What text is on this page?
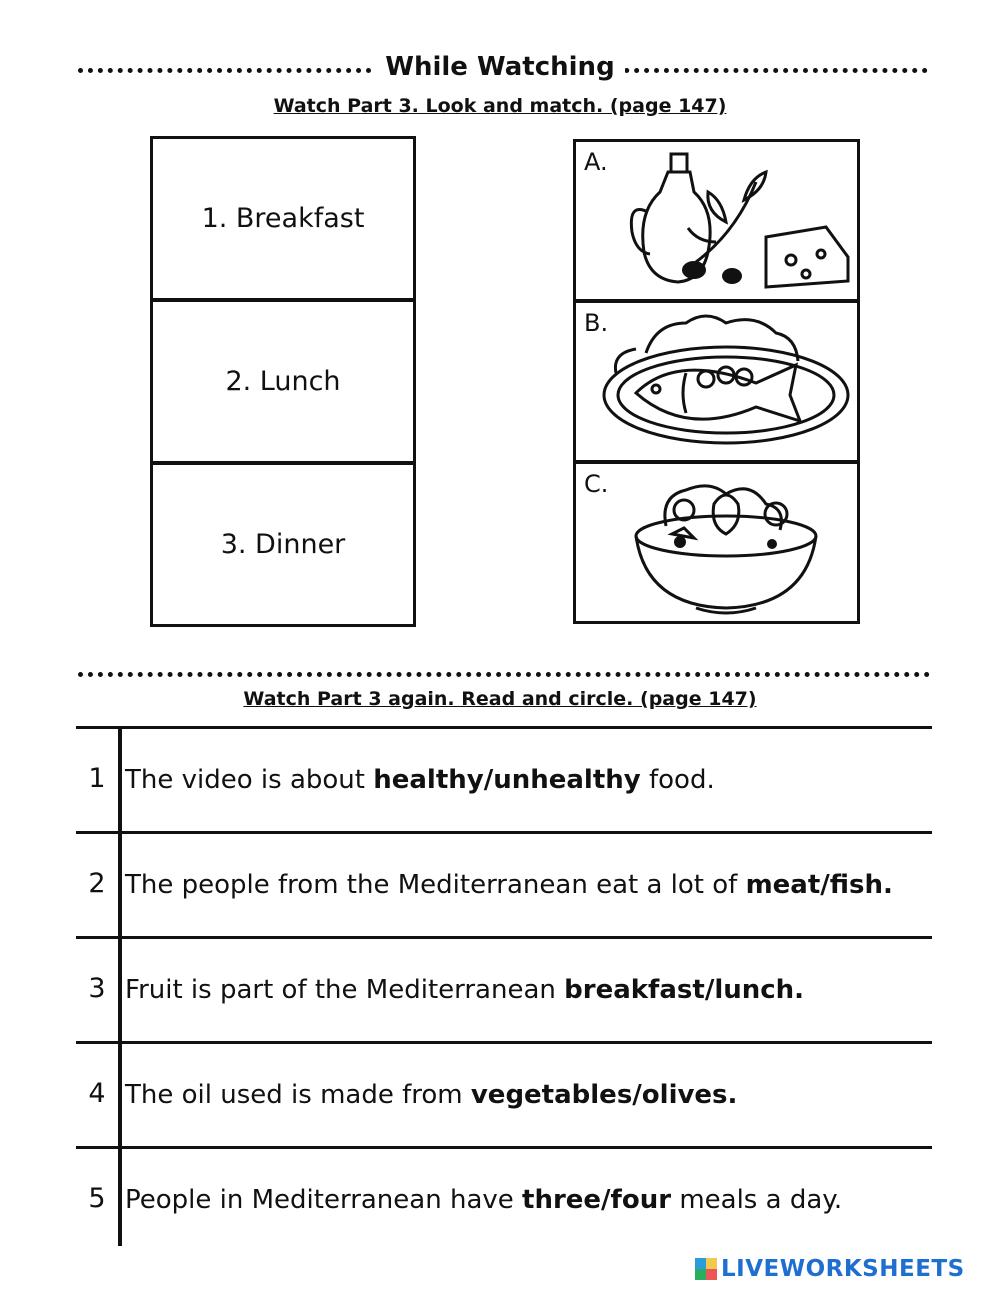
While Watching
Watch Part 3. Look and match. (page 147)
1. Breakfast
2. Lunch
3. Dinner
A.
B.
C.
Watch Part 3 again. Read and circle. (page 147)
1 The video is about healthy/unhealthy food.
2 The people from the Mediterranean eat a lot of meat/fish.
3 Fruit is part of the Mediterranean breakfast/lunch.
4 The oil used is made from vegetables/olives.
5 People in Mediterranean have three/four meals a day.
LIVEWORKSHEETS
